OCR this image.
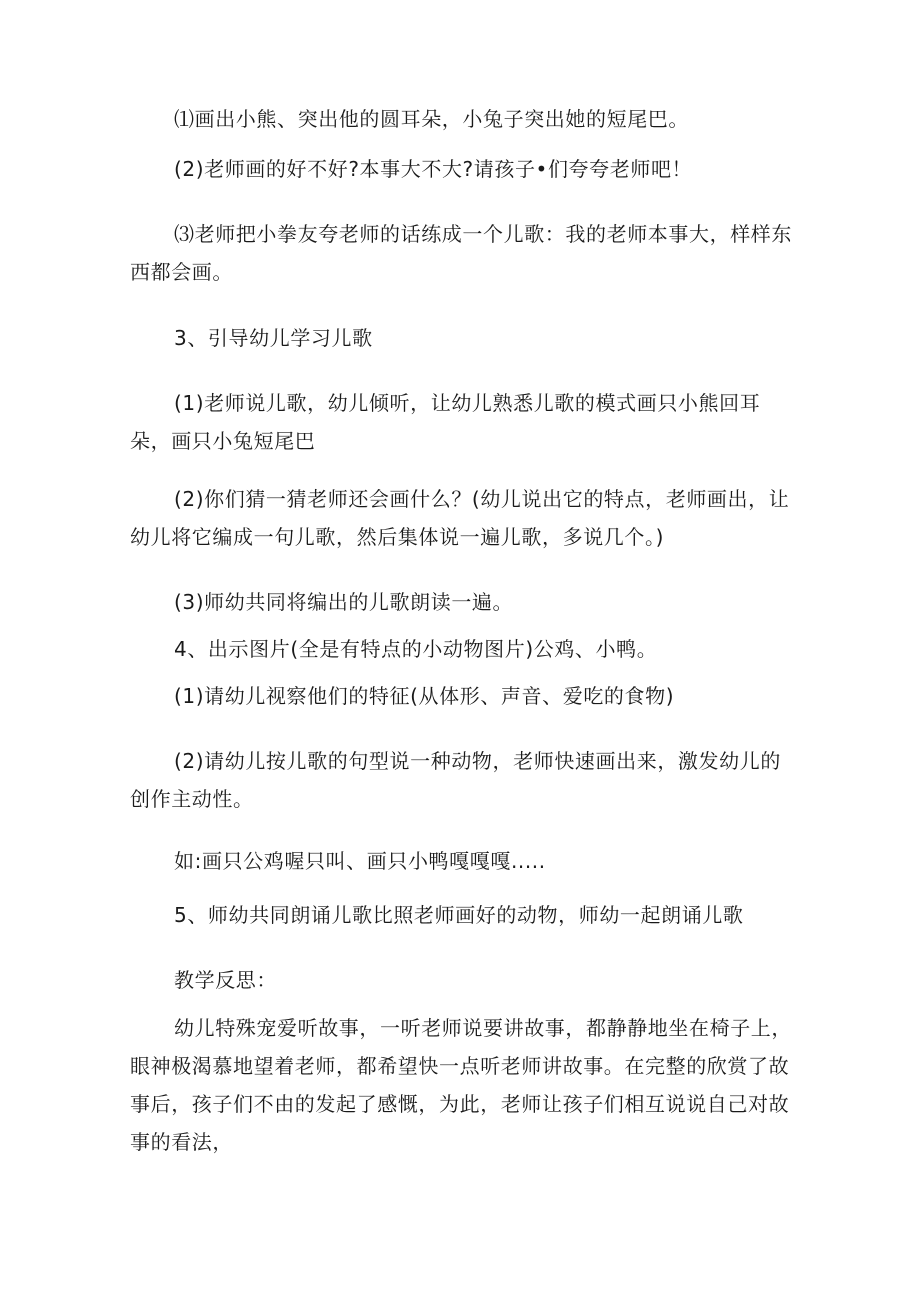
⑴画出小熊、突出他的圆耳朵，小兔子突出她的短尾巴。

(2)老师画的好不好?本事大不大?请孩子•们夸夸老师吧！

⑶老师把小拳友夸老师的话练成一个儿歌：我的老师本事大，样样东西都会画。

3、引导幼儿学习儿歌

(1)老师说儿歌，幼儿倾听，让幼儿熟悉儿歌的模式画只小熊回耳朵，画只小兔短尾巴

(2)你们猜一猜老师还会画什么？(幼儿说出它的特点，老师画出，让幼儿将它编成一句儿歌，然后集体说一遍儿歌，多说几个。)

(3)师幼共同将编出的儿歌朗读一遍。

4、出示图片(全是有特点的小动物图片)公鸡、小鸭。

(1)请幼儿视察他们的特征(从体形、声音、爱吃的食物)

(2)请幼儿按儿歌的句型说一种动物，老师快速画出来，激发幼儿的创作主动性。

如:画只公鸡喔只叫、画只小鸭嘎嘎嘎.....

5、师幼共同朗诵儿歌比照老师画好的动物，师幼一起朗诵儿歌

教学反思：

幼儿特殊宠爱听故事，一听老师说要讲故事，都静静地坐在椅子上，眼神极渴慕地望着老师，都希望快一点听老师讲故事。在完整的欣赏了故事后，孩子们不由的发起了感慨，为此，老师让孩子们相互说说自己对故事的看法，
